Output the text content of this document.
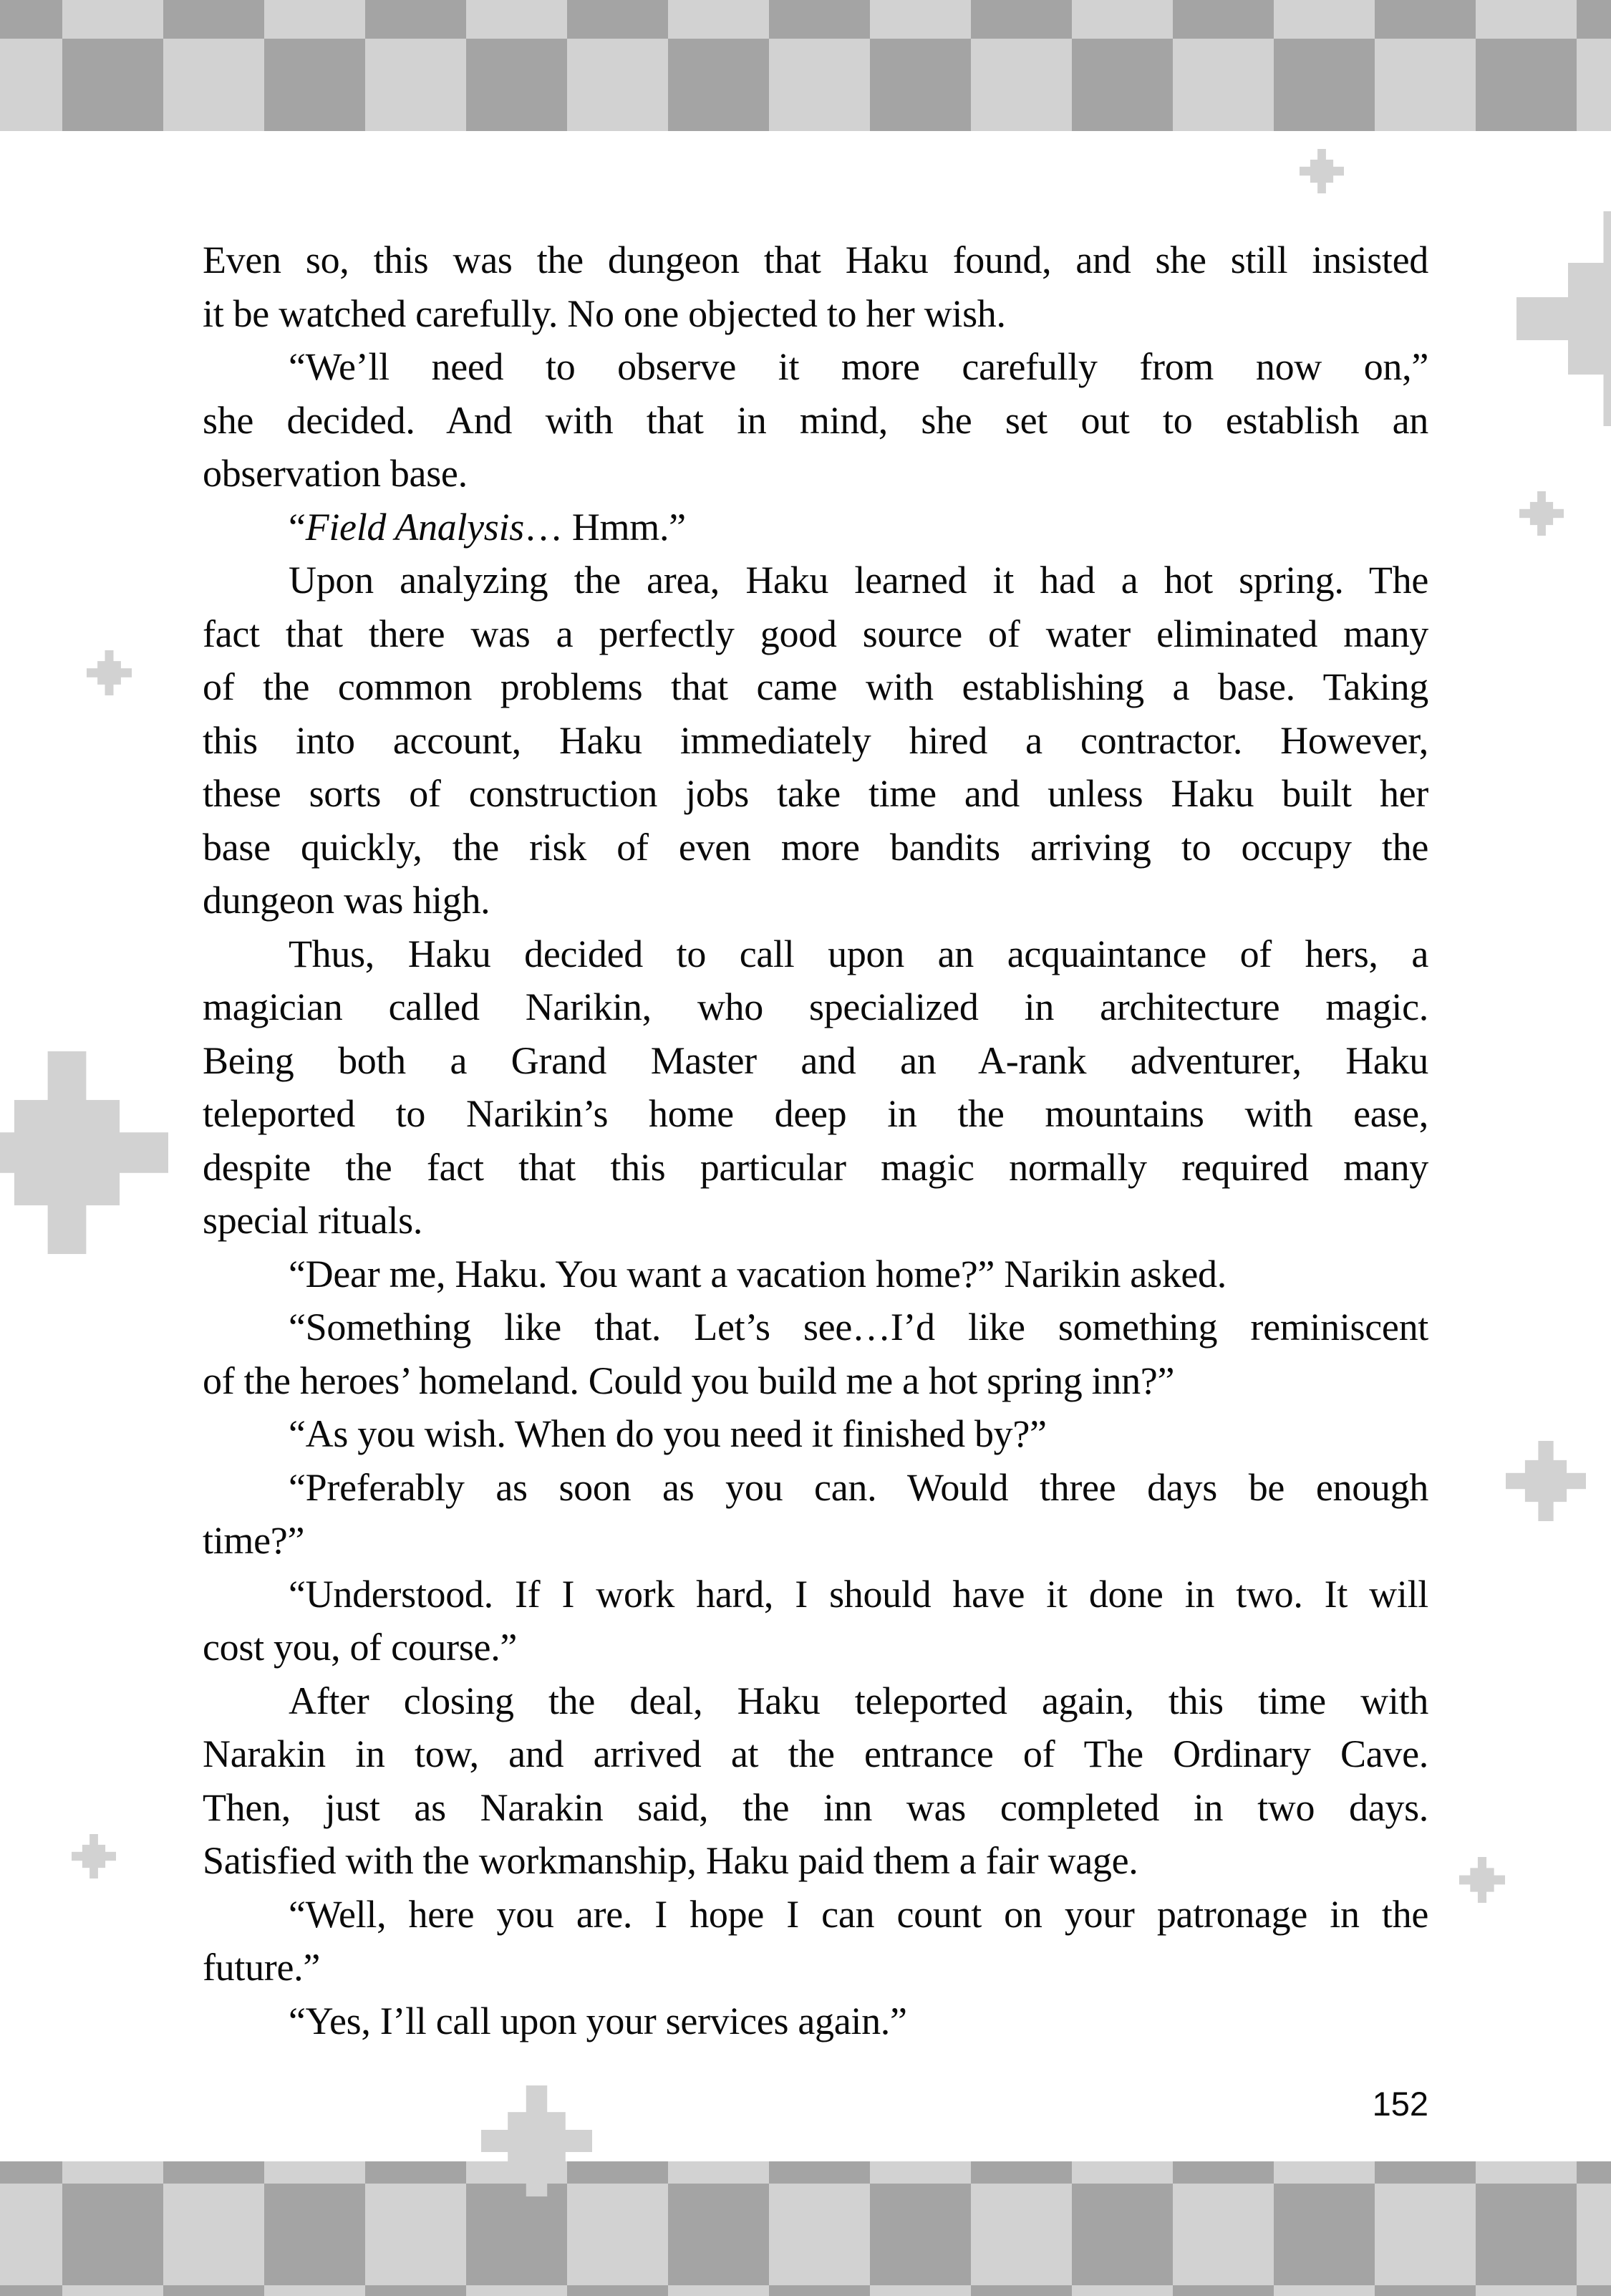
Even so, this was the dungeon that Haku found, and she still insisted
it be watched carefully. No one objected to her wish.
“We’ll need to observe it more carefully from now on,”
she decided. And with that in mind, she set out to establish an
observation base.
“Field Analysis… Hmm.”
Upon analyzing the area, Haku learned it had a hot spring. The
fact that there was a perfectly good source of water eliminated many
of the common problems that came with establishing a base. Taking
this into account, Haku immediately hired a contractor. However,
these sorts of construction jobs take time and unless Haku built her
base quickly, the risk of even more bandits arriving to occupy the
dungeon was high.
Thus, Haku decided to call upon an acquaintance of hers, a
magician called Narikin, who specialized in architecture magic.
Being both a Grand Master and an A-rank adventurer, Haku
teleported to Narikin’s home deep in the mountains with ease,
despite the fact that this particular magic normally required many
special rituals.
“Dear me, Haku. You want a vacation home?” Narikin asked.
“Something like that. Let’s see…I’d like something reminiscent
of the heroes’ homeland. Could you build me a hot spring inn?”
“As you wish. When do you need it finished by?”
“Preferably as soon as you can. Would three days be enough
time?”
“Understood. If I work hard, I should have it done in two. It will
cost you, of course.”
After closing the deal, Haku teleported again, this time with
Narakin in tow, and arrived at the entrance of The Ordinary Cave.
Then, just as Narakin said, the inn was completed in two days.
Satisfied with the workmanship, Haku paid them a fair wage.
“Well, here you are. I hope I can count on your patronage in the
future.”
“Yes, I’ll call upon your services again.”
152
